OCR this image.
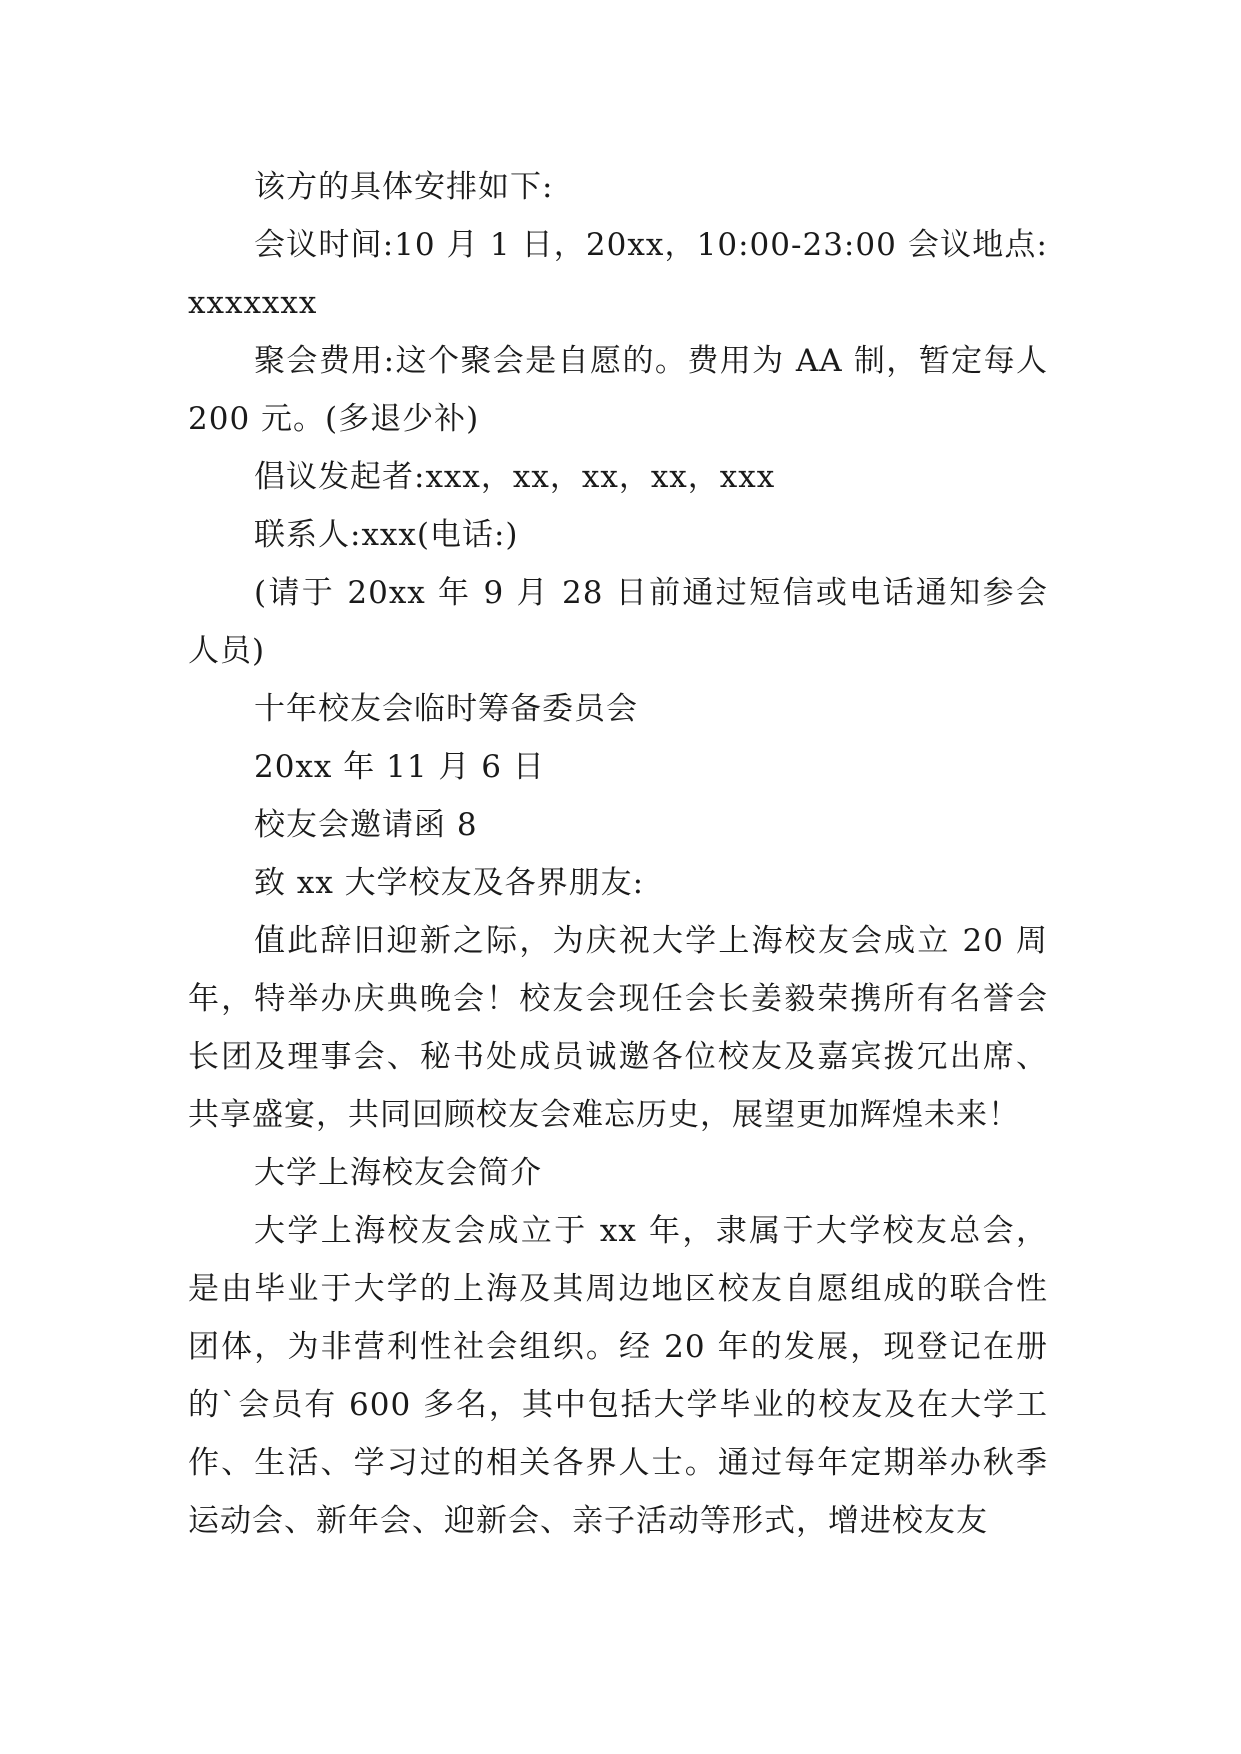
该方的具体安排如下:

会议时间:10 月 1 日，20xx，10:00-23:00 会议地点:xxxxxxx

聚会费用:这个聚会是自愿的。费用为 AA 制，暂定每人 200 元。(多退少补)

倡议发起者:xxx，xx，xx，xx，xxx

联系人:xxx(电话:)

(请于 20xx 年 9 月 28 日前通过短信或电话通知参会人员)

十年校友会临时筹备委员会

20xx 年 11 月 6 日

校友会邀请函 8

致 xx 大学校友及各界朋友:

值此辞旧迎新之际，为庆祝大学上海校友会成立 20 周年，特举办庆典晚会！校友会现任会长姜毅荣携所有名誉会长团及理事会、秘书处成员诚邀各位校友及嘉宾拨冗出席、共享盛宴，共同回顾校友会难忘历史，展望更加辉煌未来！

大学上海校友会简介

大学上海校友会成立于 xx 年，隶属于大学校友总会，是由毕业于大学的上海及其周边地区校友自愿组成的联合性团体，为非营利性社会组织。经 20 年的发展，现登记在册的`会员有 600 多名，其中包括大学毕业的校友及在大学工作、生活、学习过的相关各界人士。通过每年定期举办秋季运动会、新年会、迎新会、亲子活动等形式，增进校友友
